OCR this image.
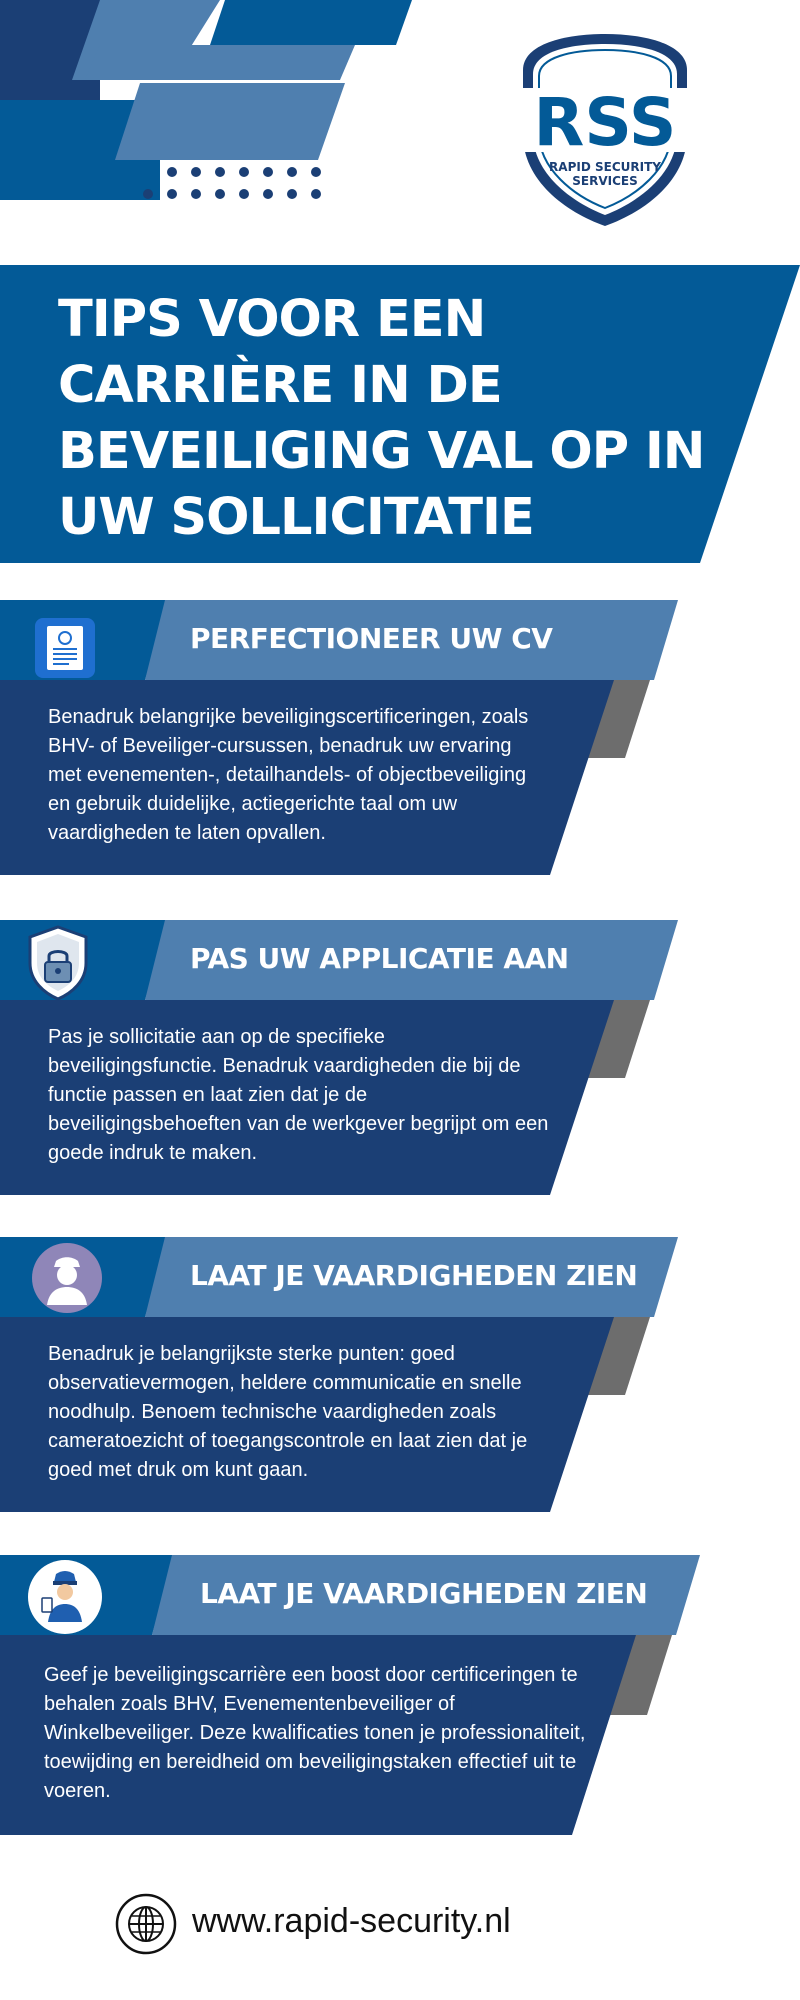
RSS
RAPID SECURITY
SERVICES
TIPS VOOR EEN CARRIÈRE IN DE BEVEILIGING VAL OP IN UW SOLLICITATIE
PERFECTIONEER UW CV

Benadruk belangrijke beveiligingscertificeringen, zoals BHV- of Beveiliger-cursussen, benadruk uw ervaring met evenementen-, detailhandels- of objectbeveiliging en gebruik duidelijke, actiegerichte taal om uw vaardigheden te laten opvallen.

PAS UW APPLICATIE AAN

Pas je sollicitatie aan op de specifieke beveiligingsfunctie. Benadruk vaardigheden die bij de functie passen en laat zien dat je de beveiligingsbehoeften van de werkgever begrijpt om een goede indruk te maken.

LAAT JE VAARDIGHEDEN ZIEN

Benadruk je belangrijkste sterke punten: goed observatievermogen, heldere communicatie en snelle noodhulp. Benoem technische vaardigheden zoals cameratoezicht of toegangscontrole en laat zien dat je goed met druk om kunt gaan.

LAAT JE VAARDIGHEDEN ZIEN

Geef je beveiligingscarrière een boost door certificeringen te behalen zoals BHV, Evenementenbeveiliger of Winkelbeveiliger. Deze kwalificaties tonen je professionaliteit, toewijding en bereidheid om beveiligingstaken effectief uit te voeren.

www.rapid-security.nl
